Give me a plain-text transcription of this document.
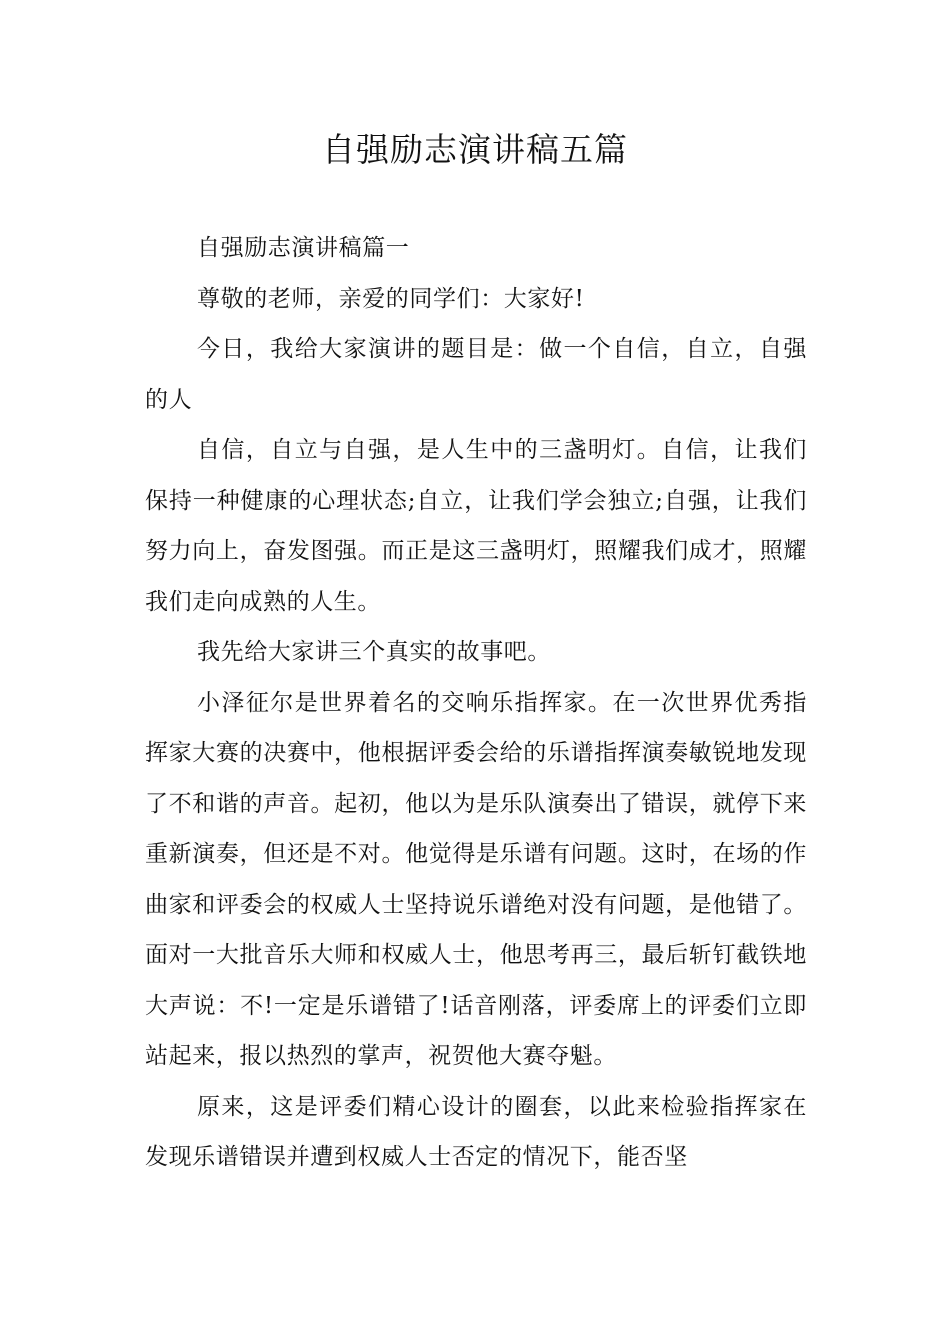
自强励志演讲稿五篇

自强励志演讲稿篇一

尊敬的老师，亲爱的同学们：大家好!

今日，我给大家演讲的题目是：做一个自信，自立，自强的人

自信，自立与自强，是人生中的三盏明灯。自信，让我们保持一种健康的心理状态;自立，让我们学会独立;自强，让我们努力向上，奋发图强。而正是这三盏明灯，照耀我们成才，照耀我们走向成熟的人生。

我先给大家讲三个真实的故事吧。

小泽征尔是世界着名的交响乐指挥家。在一次世界优秀指挥家大赛的决赛中，他根据评委会给的乐谱指挥演奏敏锐地发现了不和谐的声音。起初，他以为是乐队演奏出了错误，就停下来重新演奏，但还是不对。他觉得是乐谱有问题。这时，在场的作曲家和评委会的权威人士坚持说乐谱绝对没有问题，是他错了。面对一大批音乐大师和权威人士，他思考再三，最后斩钉截铁地大声说：不!一定是乐谱错了!话音刚落，评委席上的评委们立即站起来，报以热烈的掌声，祝贺他大赛夺魁。

原来，这是评委们精心设计的圈套，以此来检验指挥家在发现乐谱错误并遭到权威人士否定的情况下，能否坚
